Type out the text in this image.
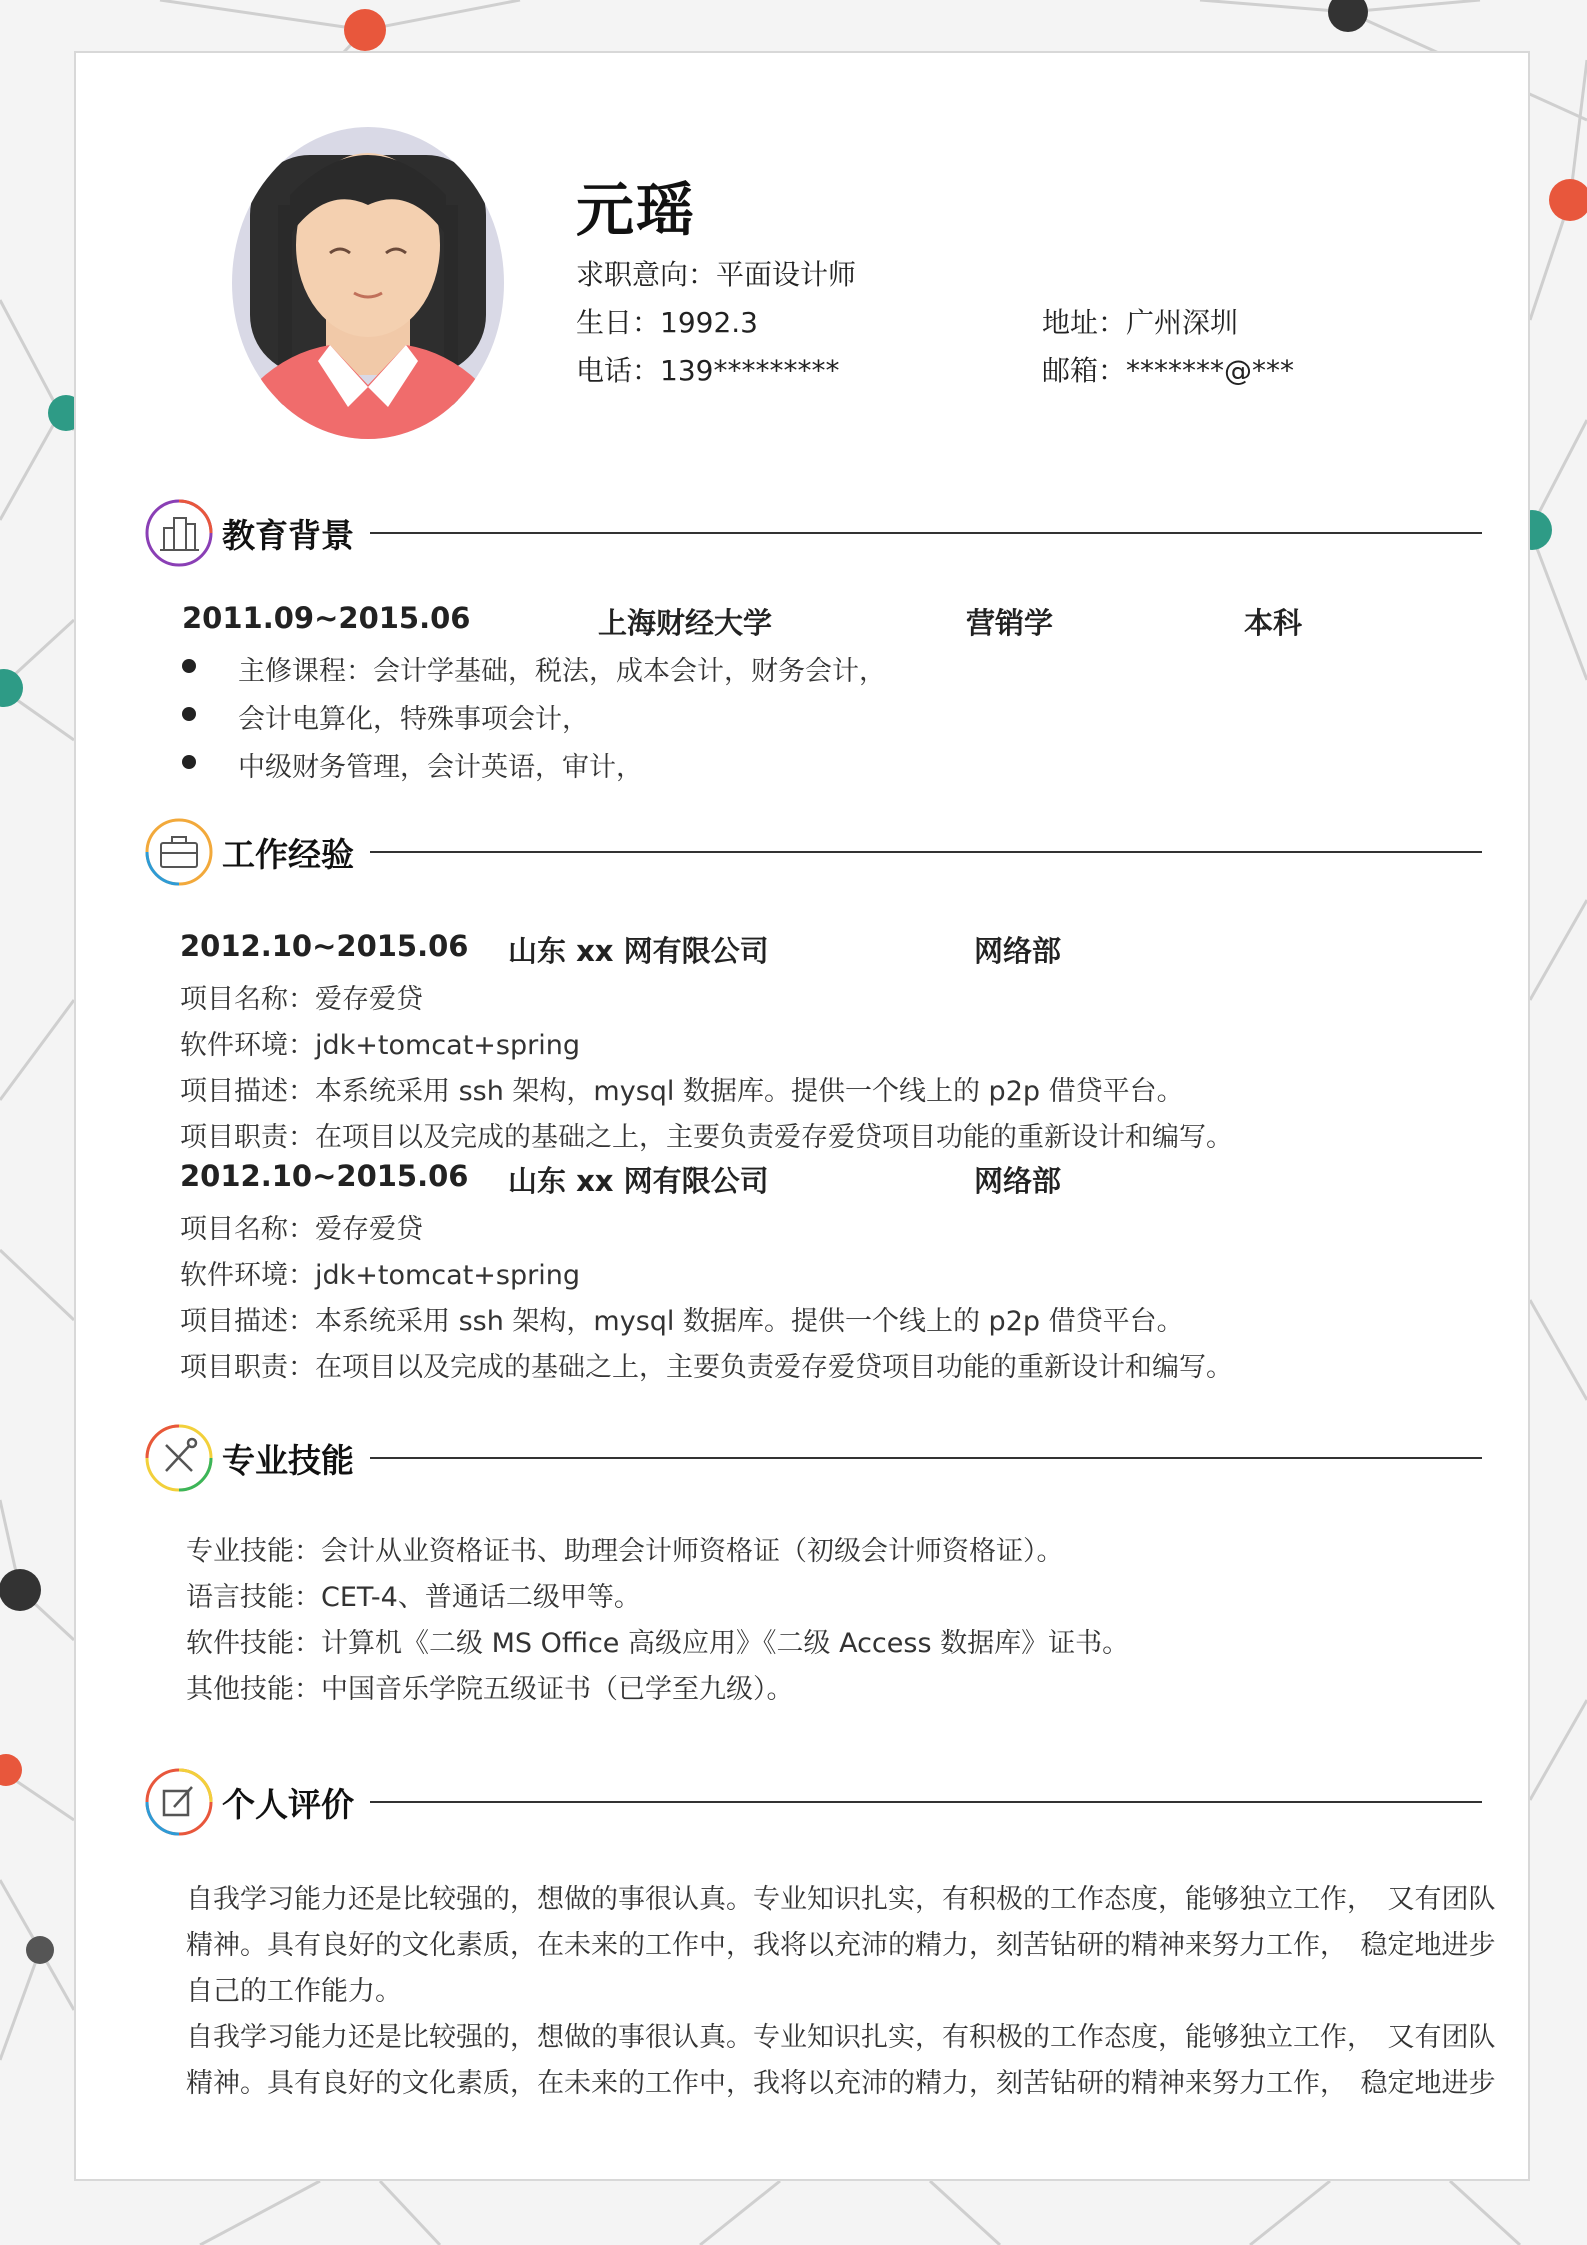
元瑶
求职意向：平面设计师
生日：1992.3	地址：广州深圳
电话：139*********	邮箱：*******@***
教育背景
2011.09~2015.06	上海财经大学	营销学	本科
主修课程：会计学基础，税法，成本会计，财务会计，
会计电算化，特殊事项会计，
中级财务管理，会计英语，审计，
工作经验
2012.10~2015.06 山东 xx 网有限公司	网络部
项目名称：爱存爱贷
软件环境：jdk+tomcat+spring
项目描述：本系统采用 ssh 架构，mysql 数据库。提供一个线上的 p2p 借贷平台。
项目职责：在项目以及完成的基础之上，主要负责爱存爱贷项目功能的重新设计和编写。
2012.10~2015.06 山东 xx 网有限公司	网络部
项目名称：爱存爱贷
软件环境：jdk+tomcat+spring
项目描述：本系统采用 ssh 架构，mysql 数据库。提供一个线上的 p2p 借贷平台。
项目职责：在项目以及完成的基础之上，主要负责爱存爱贷项目功能的重新设计和编写。
专业技能
专业技能：会计从业资格证书、助理会计师资格证（初级会计师资格证）。
语言技能：CET-4、普通话二级甲等。
软件技能：计算机《二级 MS Office 高级应用》《二级 Access 数据库》证书。
其他技能：中国音乐学院五级证书（已学至九级）。
个人评价
自我学习能力还是比较强的，想做的事很认真。专业知识扎实，有积极的工作态度，能够独立工作，　又有团队
精神。具有良好的文化素质，在未来的工作中，我将以充沛的精力，刻苦钻研的精神来努力工作，　稳定地进步
自己的工作能力。
自我学习能力还是比较强的，想做的事很认真。专业知识扎实，有积极的工作态度，能够独立工作，　又有团队
精神。具有良好的文化素质，在未来的工作中，我将以充沛的精力，刻苦钻研的精神来努力工作，　稳定地进步
